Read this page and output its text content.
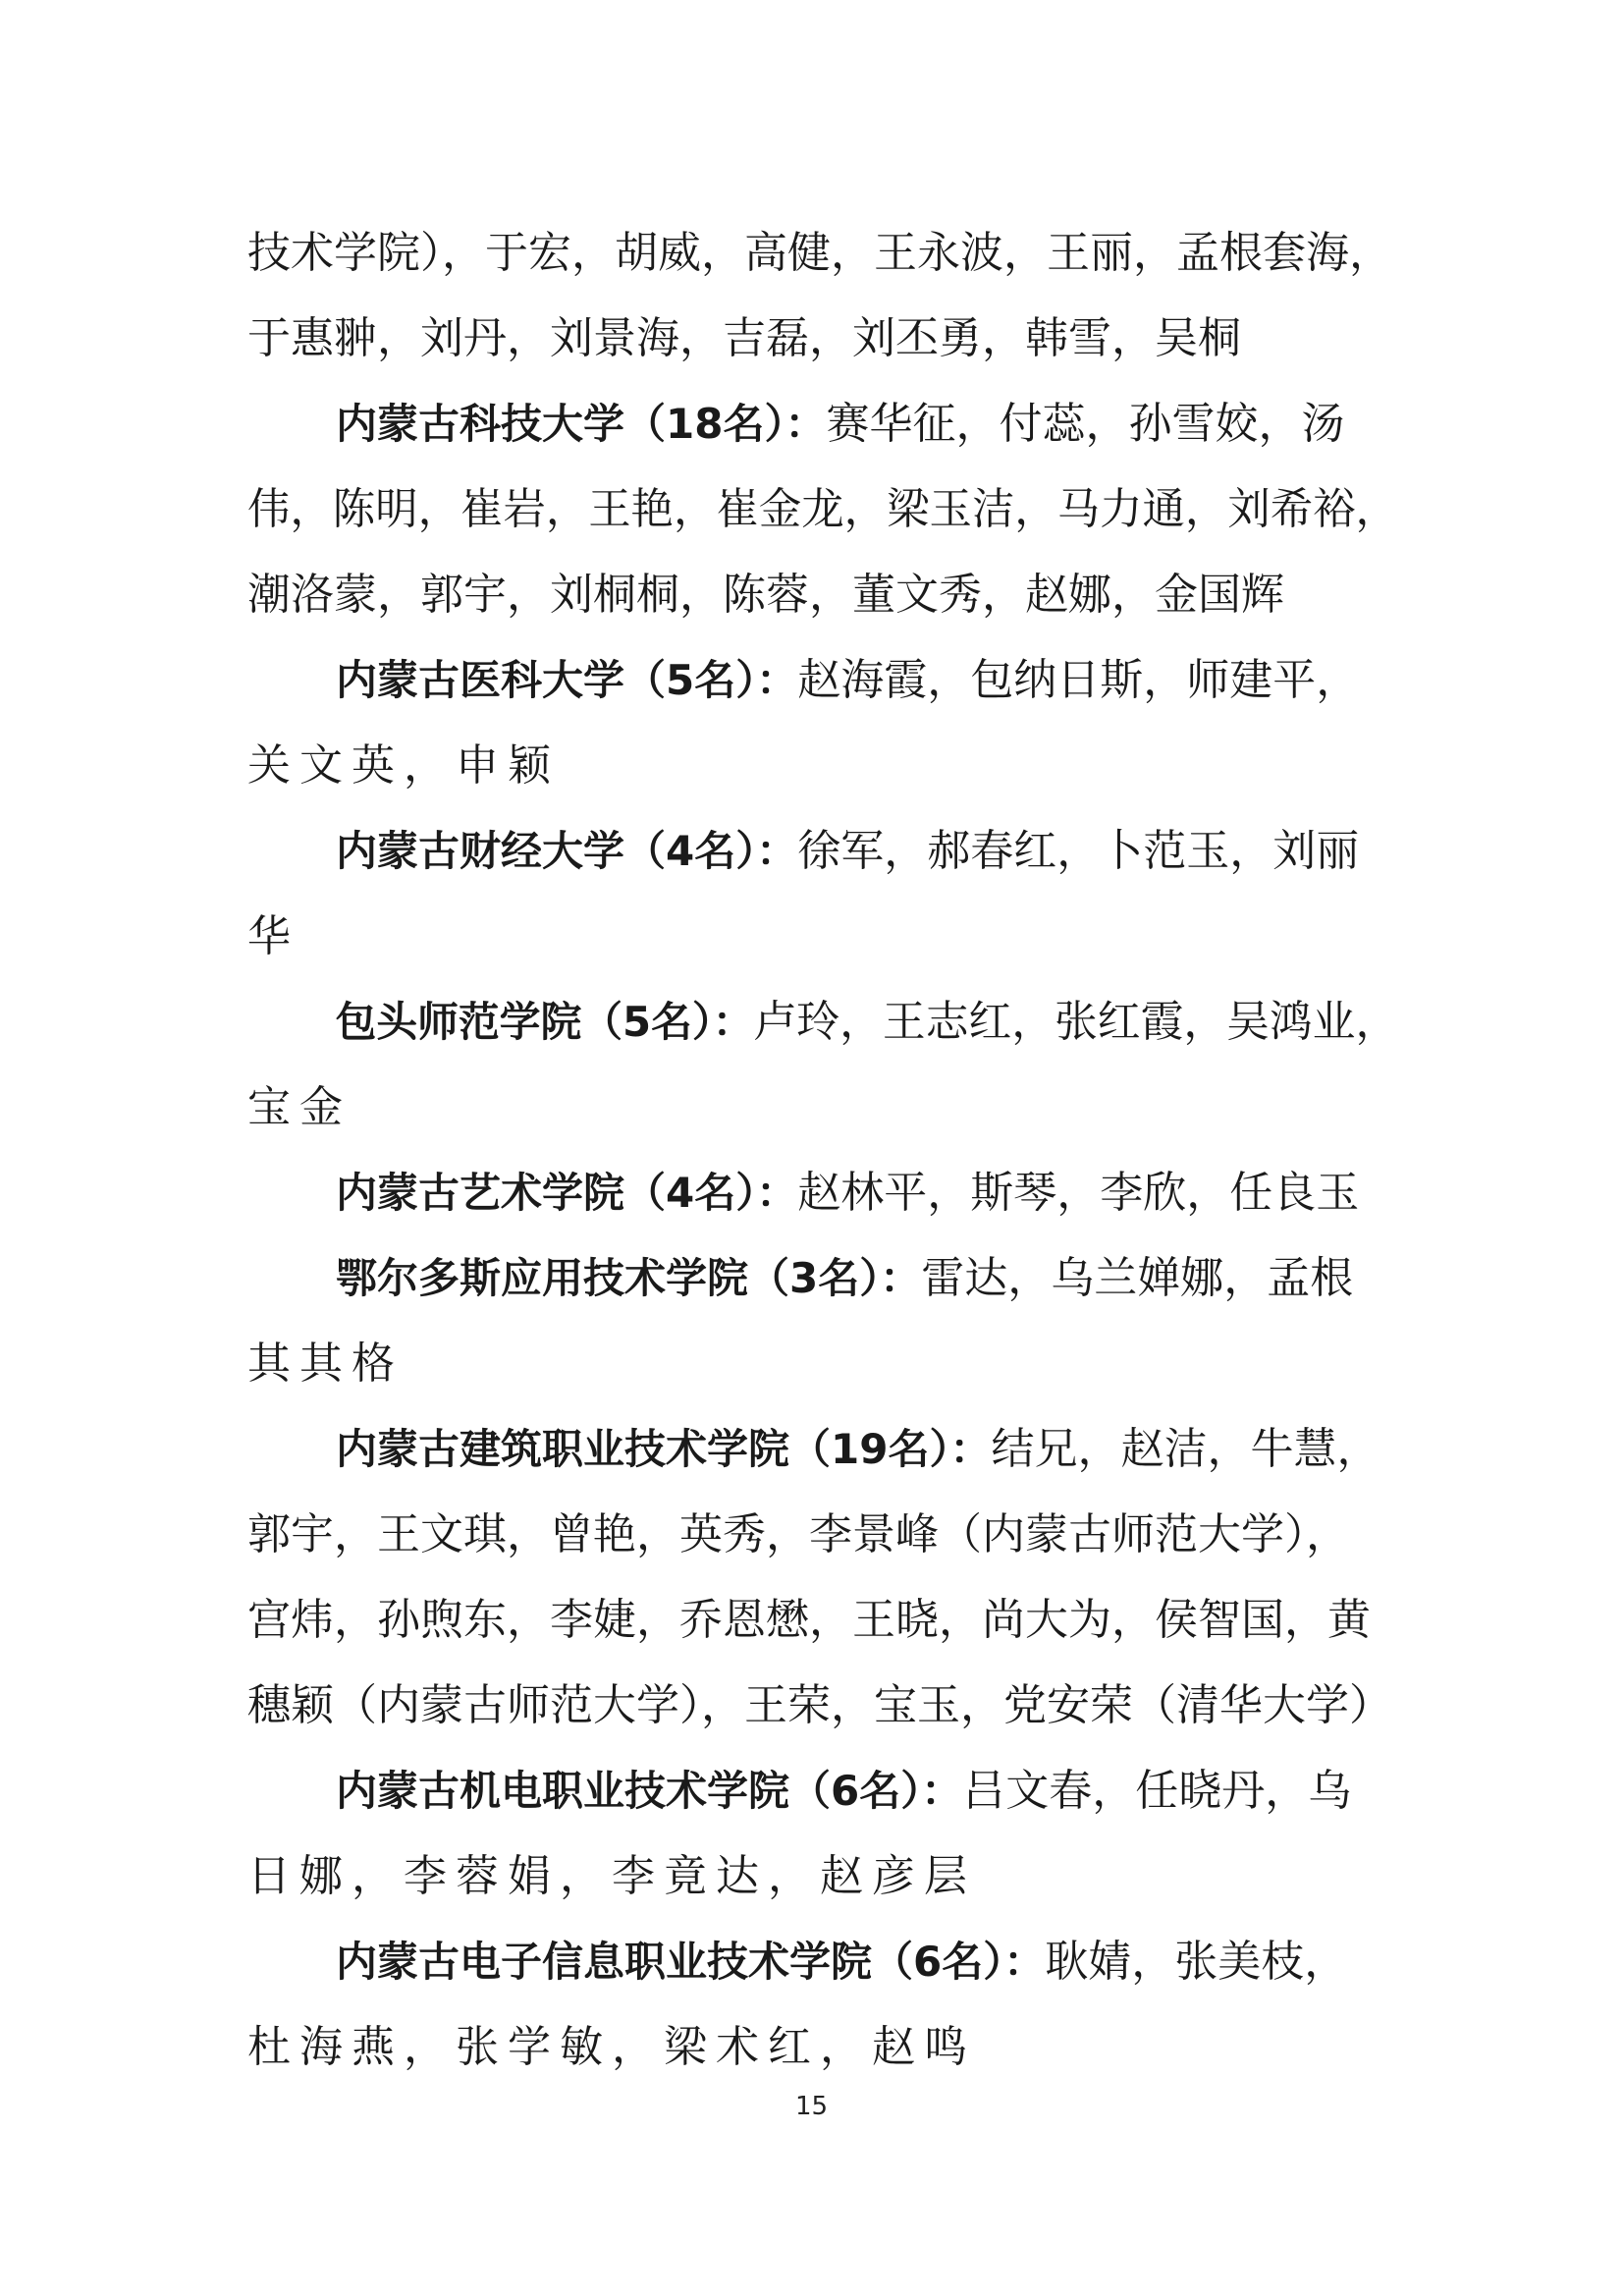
技术学院），于宏，胡威，高健，王永波，王丽，孟根套海，
于惠翀，刘丹，刘景海，吉磊，刘丕勇，韩雪，吴桐
内蒙古科技大学（18名）：赛华征，付蕊，孙雪姣，汤
伟，陈明，崔岩，王艳，崔金龙，梁玉洁，马力通，刘希裕，
潮洛蒙，郭宇，刘桐桐，陈蓉，董文秀，赵娜，金国辉
内蒙古医科大学（5名）：赵海霞，包纳日斯，师建平，
关文英，申颖
内蒙古财经大学（4名）：徐军，郝春红，卜范玉，刘丽
华
包头师范学院（5名）：卢玲，王志红，张红霞，吴鸿业，
宝金
内蒙古艺术学院（4名）：赵林平，斯琴，李欣，任良玉
鄂尔多斯应用技术学院（3名）：雷达，乌兰婵娜，孟根
其其格
内蒙古建筑职业技术学院（19名）：结兄，赵洁，牛慧，
郭宇，王文琪，曾艳，英秀，李景峰（内蒙古师范大学），
宫炜，孙煦东，李婕，乔恩懋，王晓，尚大为，侯智国，黄
穗颖（内蒙古师范大学），王荣，宝玉，党安荣（清华大学）
内蒙古机电职业技术学院（6名）：吕文春，任晓丹，乌
日娜，李蓉娟，李竟达，赵彦层
内蒙古电子信息职业技术学院（6名）：耿婧，张美枝，
杜海燕，张学敏，梁术红，赵鸣
15
